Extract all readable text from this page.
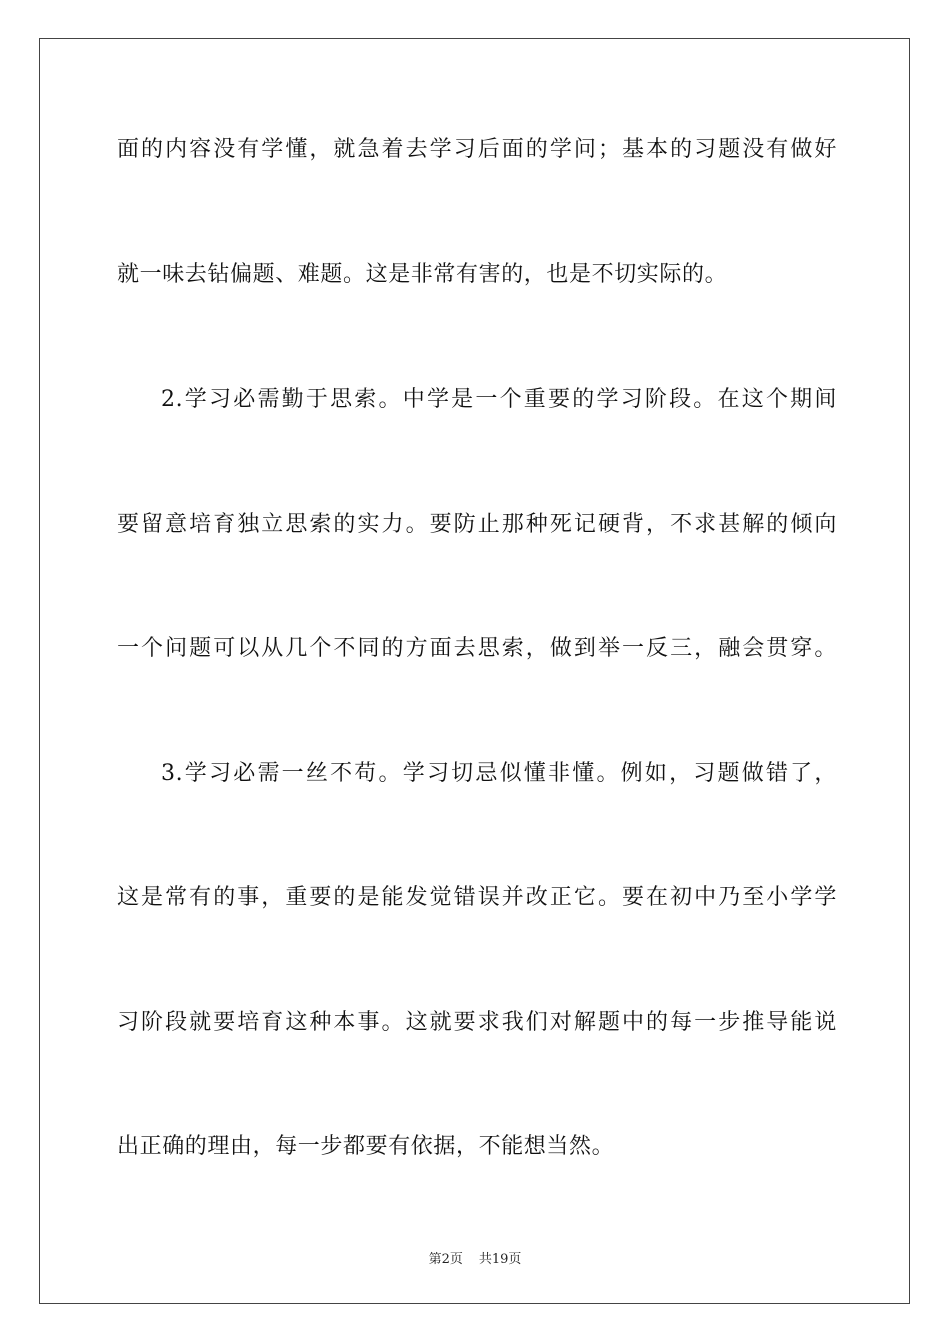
面的内容没有学懂，就急着去学习后面的学问；基本的习题没有做好
就一味去钻偏题、难题。这是非常有害的，也是不切实际的。
2.学习必需勤于思索。中学是一个重要的学习阶段。在这个期间
要留意培育独立思索的实力。要防止那种死记硬背，不求甚解的倾向
一个问题可以从几个不同的方面去思索，做到举一反三，融会贯穿。
3.学习必需一丝不苟。学习切忌似懂非懂。例如，习题做错了，
这是常有的事，重要的是能发觉错误并改正它。要在初中乃至小学学
习阶段就要培育这种本事。这就要求我们对解题中的每一步推导能说
出正确的理由，每一步都要有依据，不能想当然。
第2页 共19页
